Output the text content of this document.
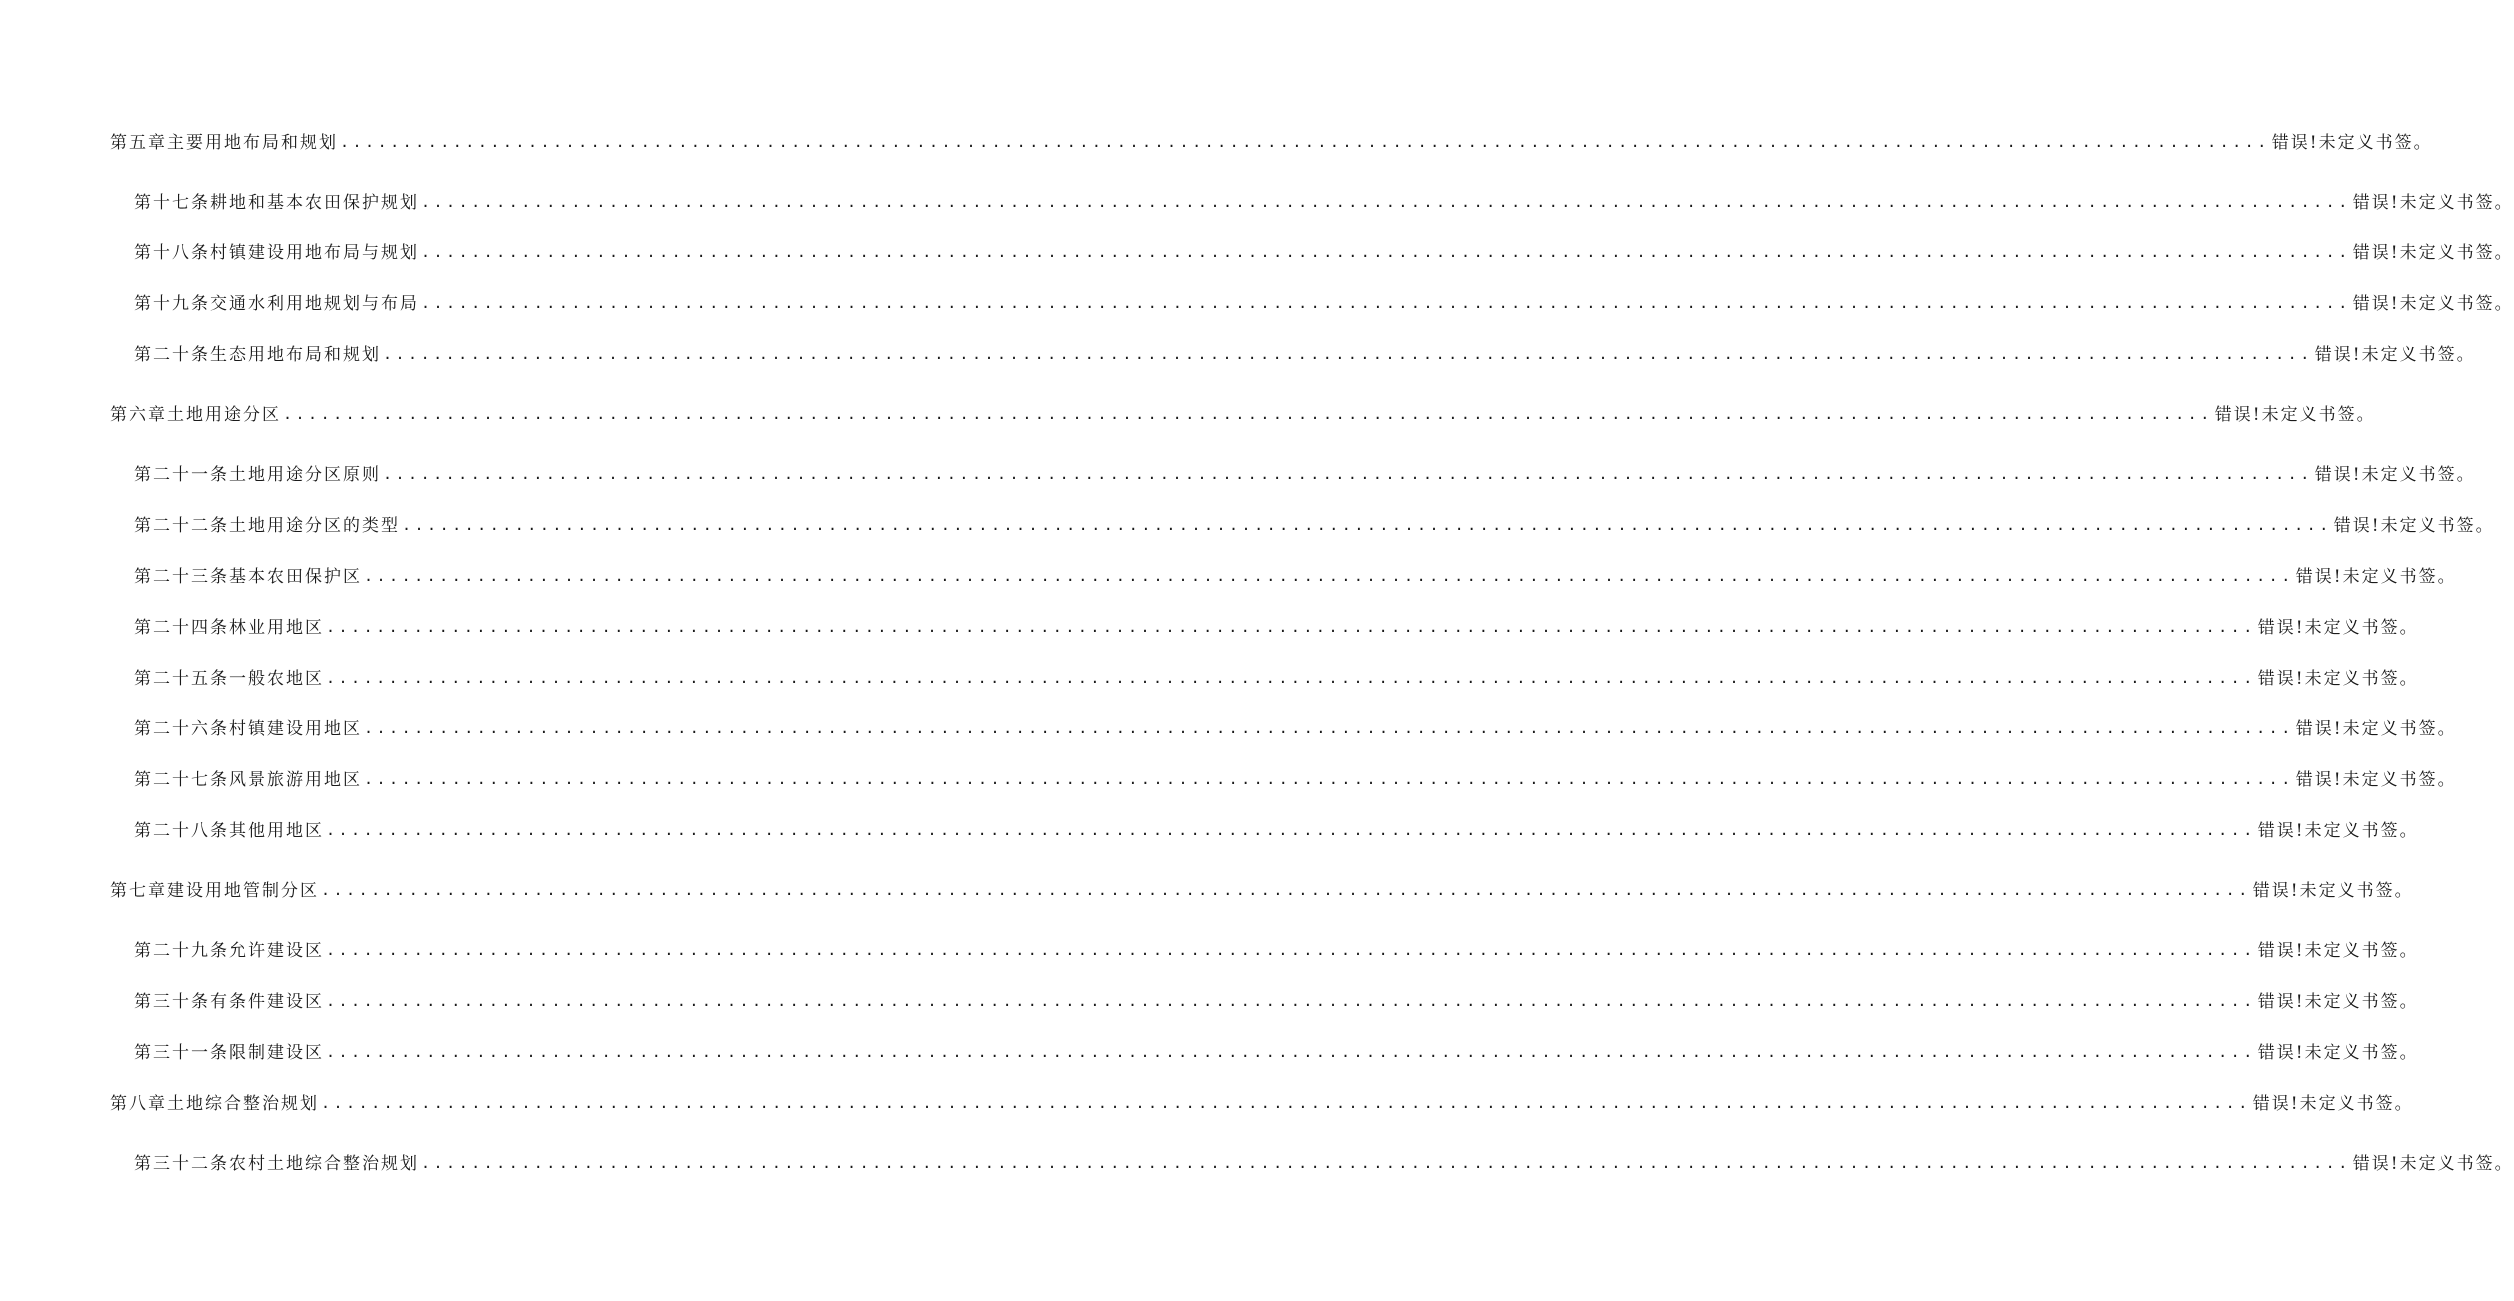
第五章主要用地布局和规划 .......................................................................................................................................................... 错误!未定义书签。
第十七条耕地和基本农田保护规划 .......................................................................................................................................................... 错误!未定义书签。
第十八条村镇建设用地布局与规划 .......................................................................................................................................................... 错误!未定义书签。
第十九条交通水利用地规划与布局 .......................................................................................................................................................... 错误!未定义书签。
第二十条生态用地布局和规划 .......................................................................................................................................................... 错误!未定义书签。
第六章土地用途分区 .......................................................................................................................................................... 错误!未定义书签。
第二十一条土地用途分区原则 .......................................................................................................................................................... 错误!未定义书签。
第二十二条土地用途分区的类型 .......................................................................................................................................................... 错误!未定义书签。
第二十三条基本农田保护区 .......................................................................................................................................................... 错误!未定义书签。
第二十四条林业用地区 .......................................................................................................................................................... 错误!未定义书签。
第二十五条一般农地区 .......................................................................................................................................................... 错误!未定义书签。
第二十六条村镇建设用地区 .......................................................................................................................................................... 错误!未定义书签。
第二十七条风景旅游用地区 .......................................................................................................................................................... 错误!未定义书签。
第二十八条其他用地区 .......................................................................................................................................................... 错误!未定义书签。
第七章建设用地管制分区 .......................................................................................................................................................... 错误!未定义书签。
第二十九条允许建设区 .......................................................................................................................................................... 错误!未定义书签。
第三十条有条件建设区 .......................................................................................................................................................... 错误!未定义书签。
第三十一条限制建设区 .......................................................................................................................................................... 错误!未定义书签。
第八章土地综合整治规划 .......................................................................................................................................................... 错误!未定义书签。
第三十二条农村土地综合整治规划 .......................................................................................................................................................... 错误!未定义书签。
